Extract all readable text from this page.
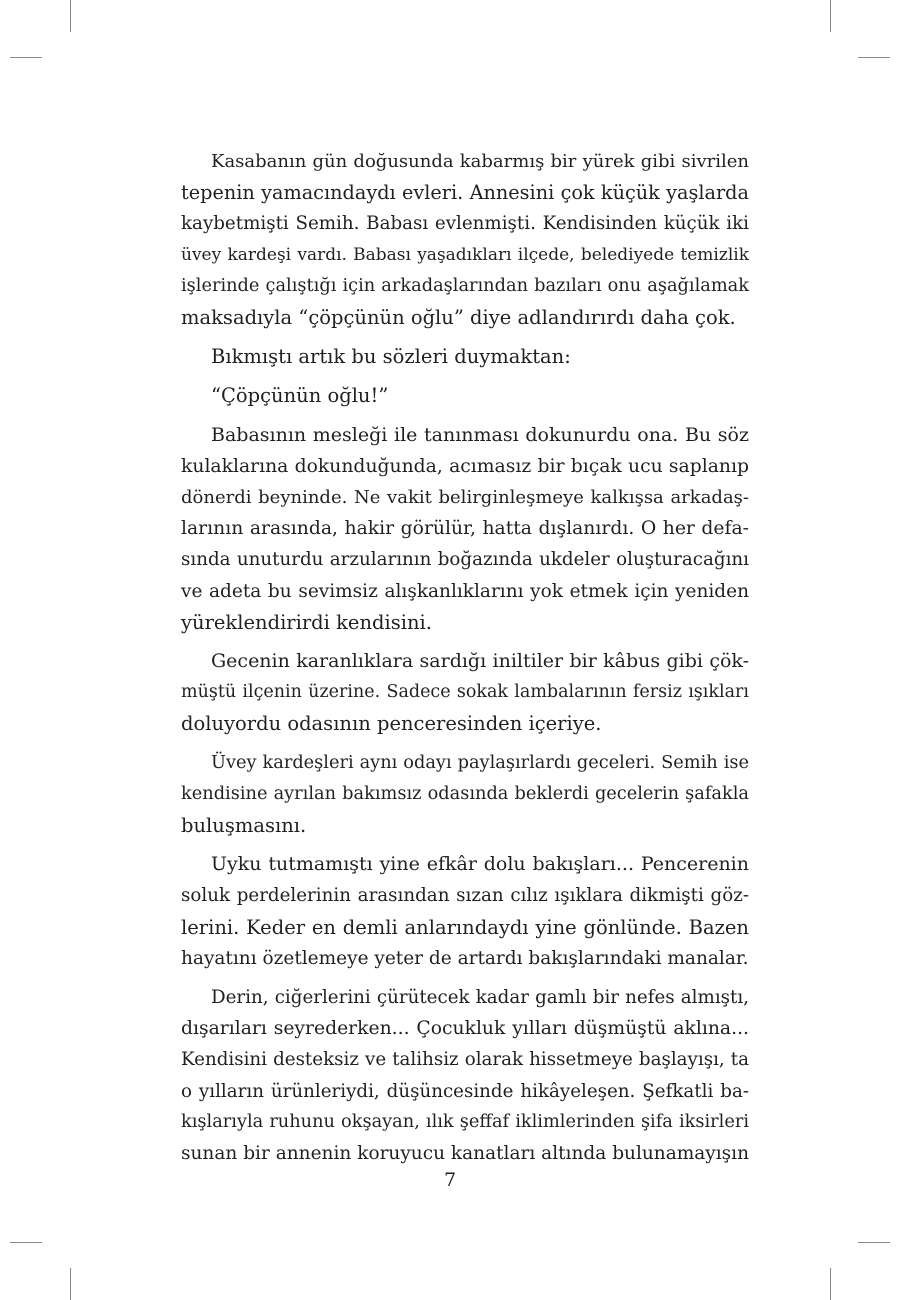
Kasabanın gün doğusunda kabarmış bir yürek gibi sivrilen
tepenin yamacındaydı evleri. Annesini çok küçük yaşlarda
kaybetmişti Semih. Babası evlenmişti. Kendisinden küçük iki
üvey kardeşi vardı. Babası yaşadıkları ilçede, belediyede temizlik
işlerinde çalıştığı için arkadaşlarından bazıları onu aşağılamak
maksadıyla “çöpçünün oğlu” diye adlandırırdı daha çok.

Bıkmıştı artık bu sözleri duymaktan:

“Çöpçünün oğlu!”

Babasının mesleği ile tanınması dokunurdu ona. Bu söz
kulaklarına dokunduğunda, acımasız bir bıçak ucu saplanıp
dönerdi beyninde. Ne vakit belirginleşmeye kalkışsa arkadaş-
larının arasında, hakir görülür, hatta dışlanırdı. O her defa-
sında unuturdu arzularının boğazında ukdeler oluşturacağını
ve adeta bu sevimsiz alışkanlıklarını yok etmek için yeniden
yüreklendirirdi kendisini.

Gecenin karanlıklara sardığı iniltiler bir kâbus gibi çök-
müştü ilçenin üzerine. Sadece sokak lambalarının fersiz ışıkları
doluyordu odasının penceresinden içeriye.

Üvey kardeşleri aynı odayı paylaşırlardı geceleri. Semih ise
kendisine ayrılan bakımsız odasında beklerdi gecelerin şafakla
buluşmasını.

Uyku tutmamıştı yine efkâr dolu bakışları... Pencerenin
soluk perdelerinin arasından sızan cılız ışıklara dikmişti göz-
lerini. Keder en demli anlarındaydı yine gönlünde. Bazen
hayatını özetlemeye yeter de artardı bakışlarındaki manalar.

Derin, ciğerlerini çürütecek kadar gamlı bir nefes almıştı,
dışarıları seyrederken... Çocukluk yılları düşmüştü aklına...
Kendisini desteksiz ve talihsiz olarak hissetmeye başlayışı, ta
o yılların ürünleriydi, düşüncesinde hikâyeleşen. Şefkatli ba-
kışlarıyla ruhunu okşayan, ılık şeffaf iklimlerinden şifa iksirleri
sunan bir annenin koruyucu kanatları altında bulunamayışın

7
